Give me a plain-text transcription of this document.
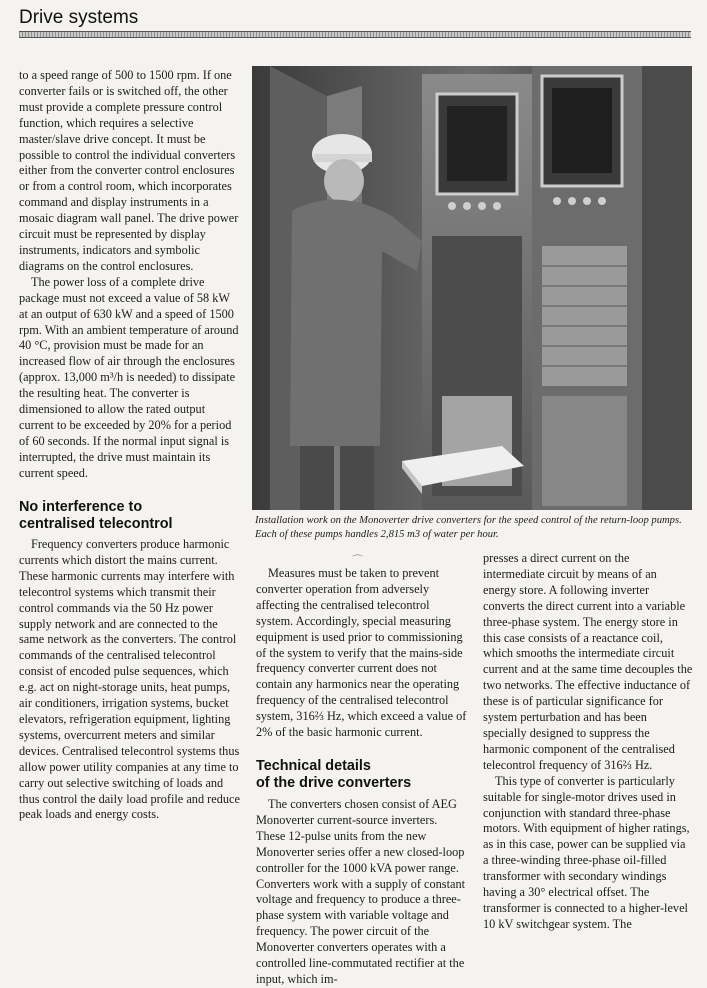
Drive systems

to a speed range of 500 to 1500 rpm. If one converter fails or is switched off, the other must provide a complete pressure control function, which requires a selective master/slave drive concept. It must be possible to control the individual converters either from the converter control enclosures or from a control room, which incorporates command and display instruments in a mosaic diagram wall panel. The drive power circuit must be represented by display instruments, indicators and symbolic diagrams on the control enclosures.

The power loss of a complete drive package must not exceed a value of 58 kW at an output of 630 kW and a speed of 1500 rpm. With an ambient temperature of around 40 °C, provision must be made for an increased flow of air through the enclosures (approx. 13,000 m³/h is needed) to dissipate the resulting heat. The converter is dimensioned to allow the rated output current to be exceeded by 20% for a period of 60 seconds. If the normal input signal is interrupted, the drive must maintain its current speed.

No interference to
centralised telecontrol

Frequency converters produce harmonic currents which distort the mains current. These harmonic currents may interfere with telecontrol systems which transmit their control commands via the 50 Hz power supply network and are connected to the same network as the converters. The control commands of the centralised telecontrol consist of encoded pulse sequences, which e.g. act on night-storage units, heat pumps, air conditioners, irrigation systems, bucket elevators, refrigeration equipment, lighting systems, overcurrent meters and similar devices. Centralised telecontrol systems thus allow power utility companies at any time to carry out selective switching of loads and thus control the daily load profile and reduce peak loads and energy costs.

Installation work on the Monoverter drive converters for the speed control of the return-loop pumps. Each of these pumps handles 2,815 m3 of water per hour.
⌒

Measures must be taken to prevent converter operation from adversely affecting the centralised telecontrol system. Accordingly, special measuring equipment is used prior to commissioning of the system to verify that the mains-side frequency converter current does not contain any harmonics near the operating frequency of the centralised telecontrol system, 316⅔ Hz, which exceed a value of 2% of the basic harmonic current.

Technical details
of the drive converters

The converters chosen consist of AEG Monoverter current-source inverters. These 12-pulse units from the new Monoverter series offer a new closed-loop controller for the 1000 kVA power range. Converters work with a supply of constant voltage and frequency to produce a three-phase system with variable voltage and frequency. The power circuit of the Monoverter converters operates with a controlled line-commutated rectifier at the input, which im-

presses a direct current on the intermediate circuit by means of an energy store. A following inverter converts the direct current into a variable three-phase system. The energy store in this case consists of a reactance coil, which smooths the intermediate circuit current and at the same time decouples the two networks. The effective inductance of these is of particular significance for system perturbation and has been specially designed to suppress the harmonic component of the centralised telecontrol frequency of 316⅔ Hz.

This type of converter is particularly suitable for single-motor drives used in conjunction with standard three-phase motors. With equipment of higher ratings, as in this case, power can be supplied via a three-winding three-phase oil-filled transformer with secondary windings having a 30° electrical offset. The transformer is connected to a higher-level 10 kV switchgear system. The
